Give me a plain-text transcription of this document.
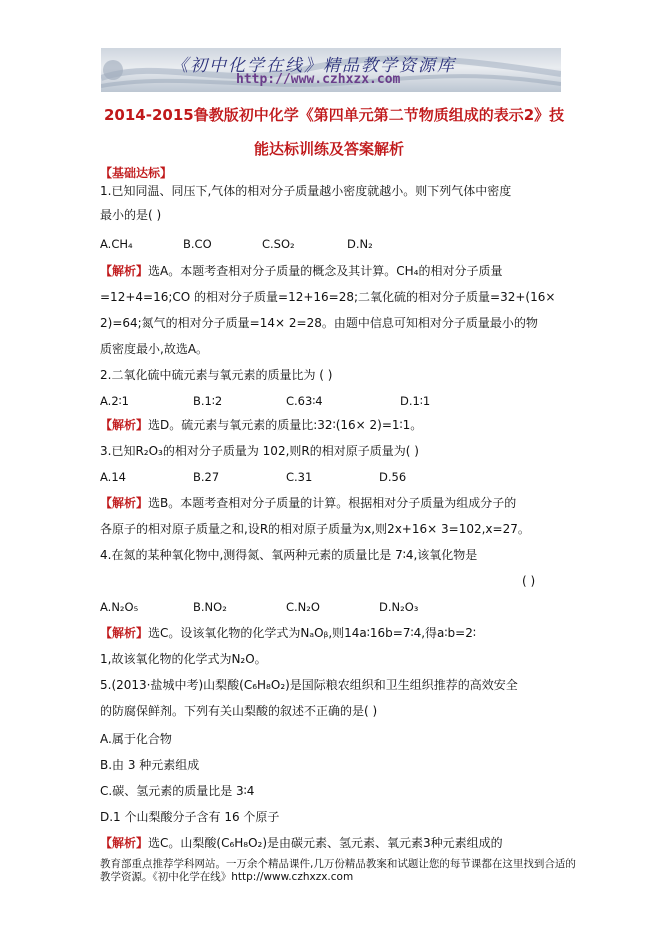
《初中化学在线》精品教学资源库
http://www.czhxzx.com
2014-2015鲁教版初中化学《第四单元第二节物质组成的表示2》技
能达标训练及答案解析
【基础达标】
1.已知同温、同压下,气体的相对分子质量越小密度就越小。则下列气体中密度
最小的是( )
A.CH₄	B.CO	C.SO₂	D.N₂
【解析】选A。本题考查相对分子质量的概念及其计算。CH₄的相对分子质量
=12+4=16;CO 的相对分子质量=12+16=28;二氧化硫的相对分子质量=32+(16×
2)=64;氮气的相对分子质量=14× 2=28。由题中信息可知相对分子质量最小的物
质密度最小,故选A。
2.二氧化硫中硫元素与氧元素的质量比为 ( )
A.2∶1	B.1∶2	C.63∶4	D.1∶1
【解析】选D。硫元素与氧元素的质量比:32∶(16× 2)=1∶1。
3.已知R₂O₃的相对分子质量为 102,则R的相对原子质量为( )
A.14	B.27	C.31	D.56
【解析】选B。本题考查相对分子质量的计算。根据相对分子质量为组成分子的
各原子的相对原子质量之和,设R的相对原子质量为x,则2x+16× 3=102,x=27。
4.在氮的某种氧化物中,测得氮、氧两种元素的质量比是 7∶4,该氧化物是
( )
A.N₂O₅	B.NO₂	C.N₂O	D.N₂O₃
【解析】选C。设该氧化物的化学式为NₐOᵦ,则14a∶16b=7∶4,得a∶b=2∶
1,故该氧化物的化学式为N₂O。
5.(2013·盐城中考)山梨酸(C₆H₈O₂)是国际粮农组织和卫生组织推荐的高效安全
的防腐保鲜剂。下列有关山梨酸的叙述不正确的是( )
A.属于化合物
B.由 3 种元素组成
C.碳、氢元素的质量比是 3∶4
D.1 个山梨酸分子含有 16 个原子
【解析】选C。山梨酸(C₆H₈O₂)是由碳元素、氢元素、氧元素3种元素组成的
教育部重点推荐学科网站。一万余个精品课件,几万份精品教案和试题让您的每节课都在这里找到合适的
教学资源。《初中化学在线》http://www.czhxzx.com
